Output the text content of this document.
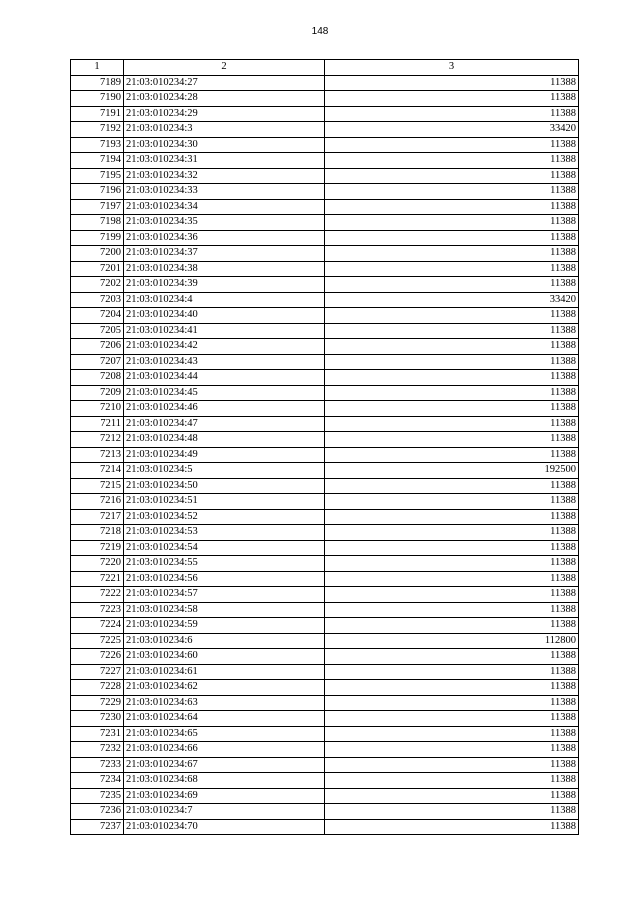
148
1	2	3
7189	21:03:010234:27	11388
7190	21:03:010234:28	11388
7191	21:03:010234:29	11388
7192	21:03:010234:3	33420
7193	21:03:010234:30	11388
7194	21:03:010234:31	11388
7195	21:03:010234:32	11388
7196	21:03:010234:33	11388
7197	21:03:010234:34	11388
7198	21:03:010234:35	11388
7199	21:03:010234:36	11388
7200	21:03:010234:37	11388
7201	21:03:010234:38	11388
7202	21:03:010234:39	11388
7203	21:03:010234:4	33420
7204	21:03:010234:40	11388
7205	21:03:010234:41	11388
7206	21:03:010234:42	11388
7207	21:03:010234:43	11388
7208	21:03:010234:44	11388
7209	21:03:010234:45	11388
7210	21:03:010234:46	11388
7211	21:03:010234:47	11388
7212	21:03:010234:48	11388
7213	21:03:010234:49	11388
7214	21:03:010234:5	192500
7215	21:03:010234:50	11388
7216	21:03:010234:51	11388
7217	21:03:010234:52	11388
7218	21:03:010234:53	11388
7219	21:03:010234:54	11388
7220	21:03:010234:55	11388
7221	21:03:010234:56	11388
7222	21:03:010234:57	11388
7223	21:03:010234:58	11388
7224	21:03:010234:59	11388
7225	21:03:010234:6	112800
7226	21:03:010234:60	11388
7227	21:03:010234:61	11388
7228	21:03:010234:62	11388
7229	21:03:010234:63	11388
7230	21:03:010234:64	11388
7231	21:03:010234:65	11388
7232	21:03:010234:66	11388
7233	21:03:010234:67	11388
7234	21:03:010234:68	11388
7235	21:03:010234:69	11388
7236	21:03:010234:7	11388
7237	21:03:010234:70	11388
